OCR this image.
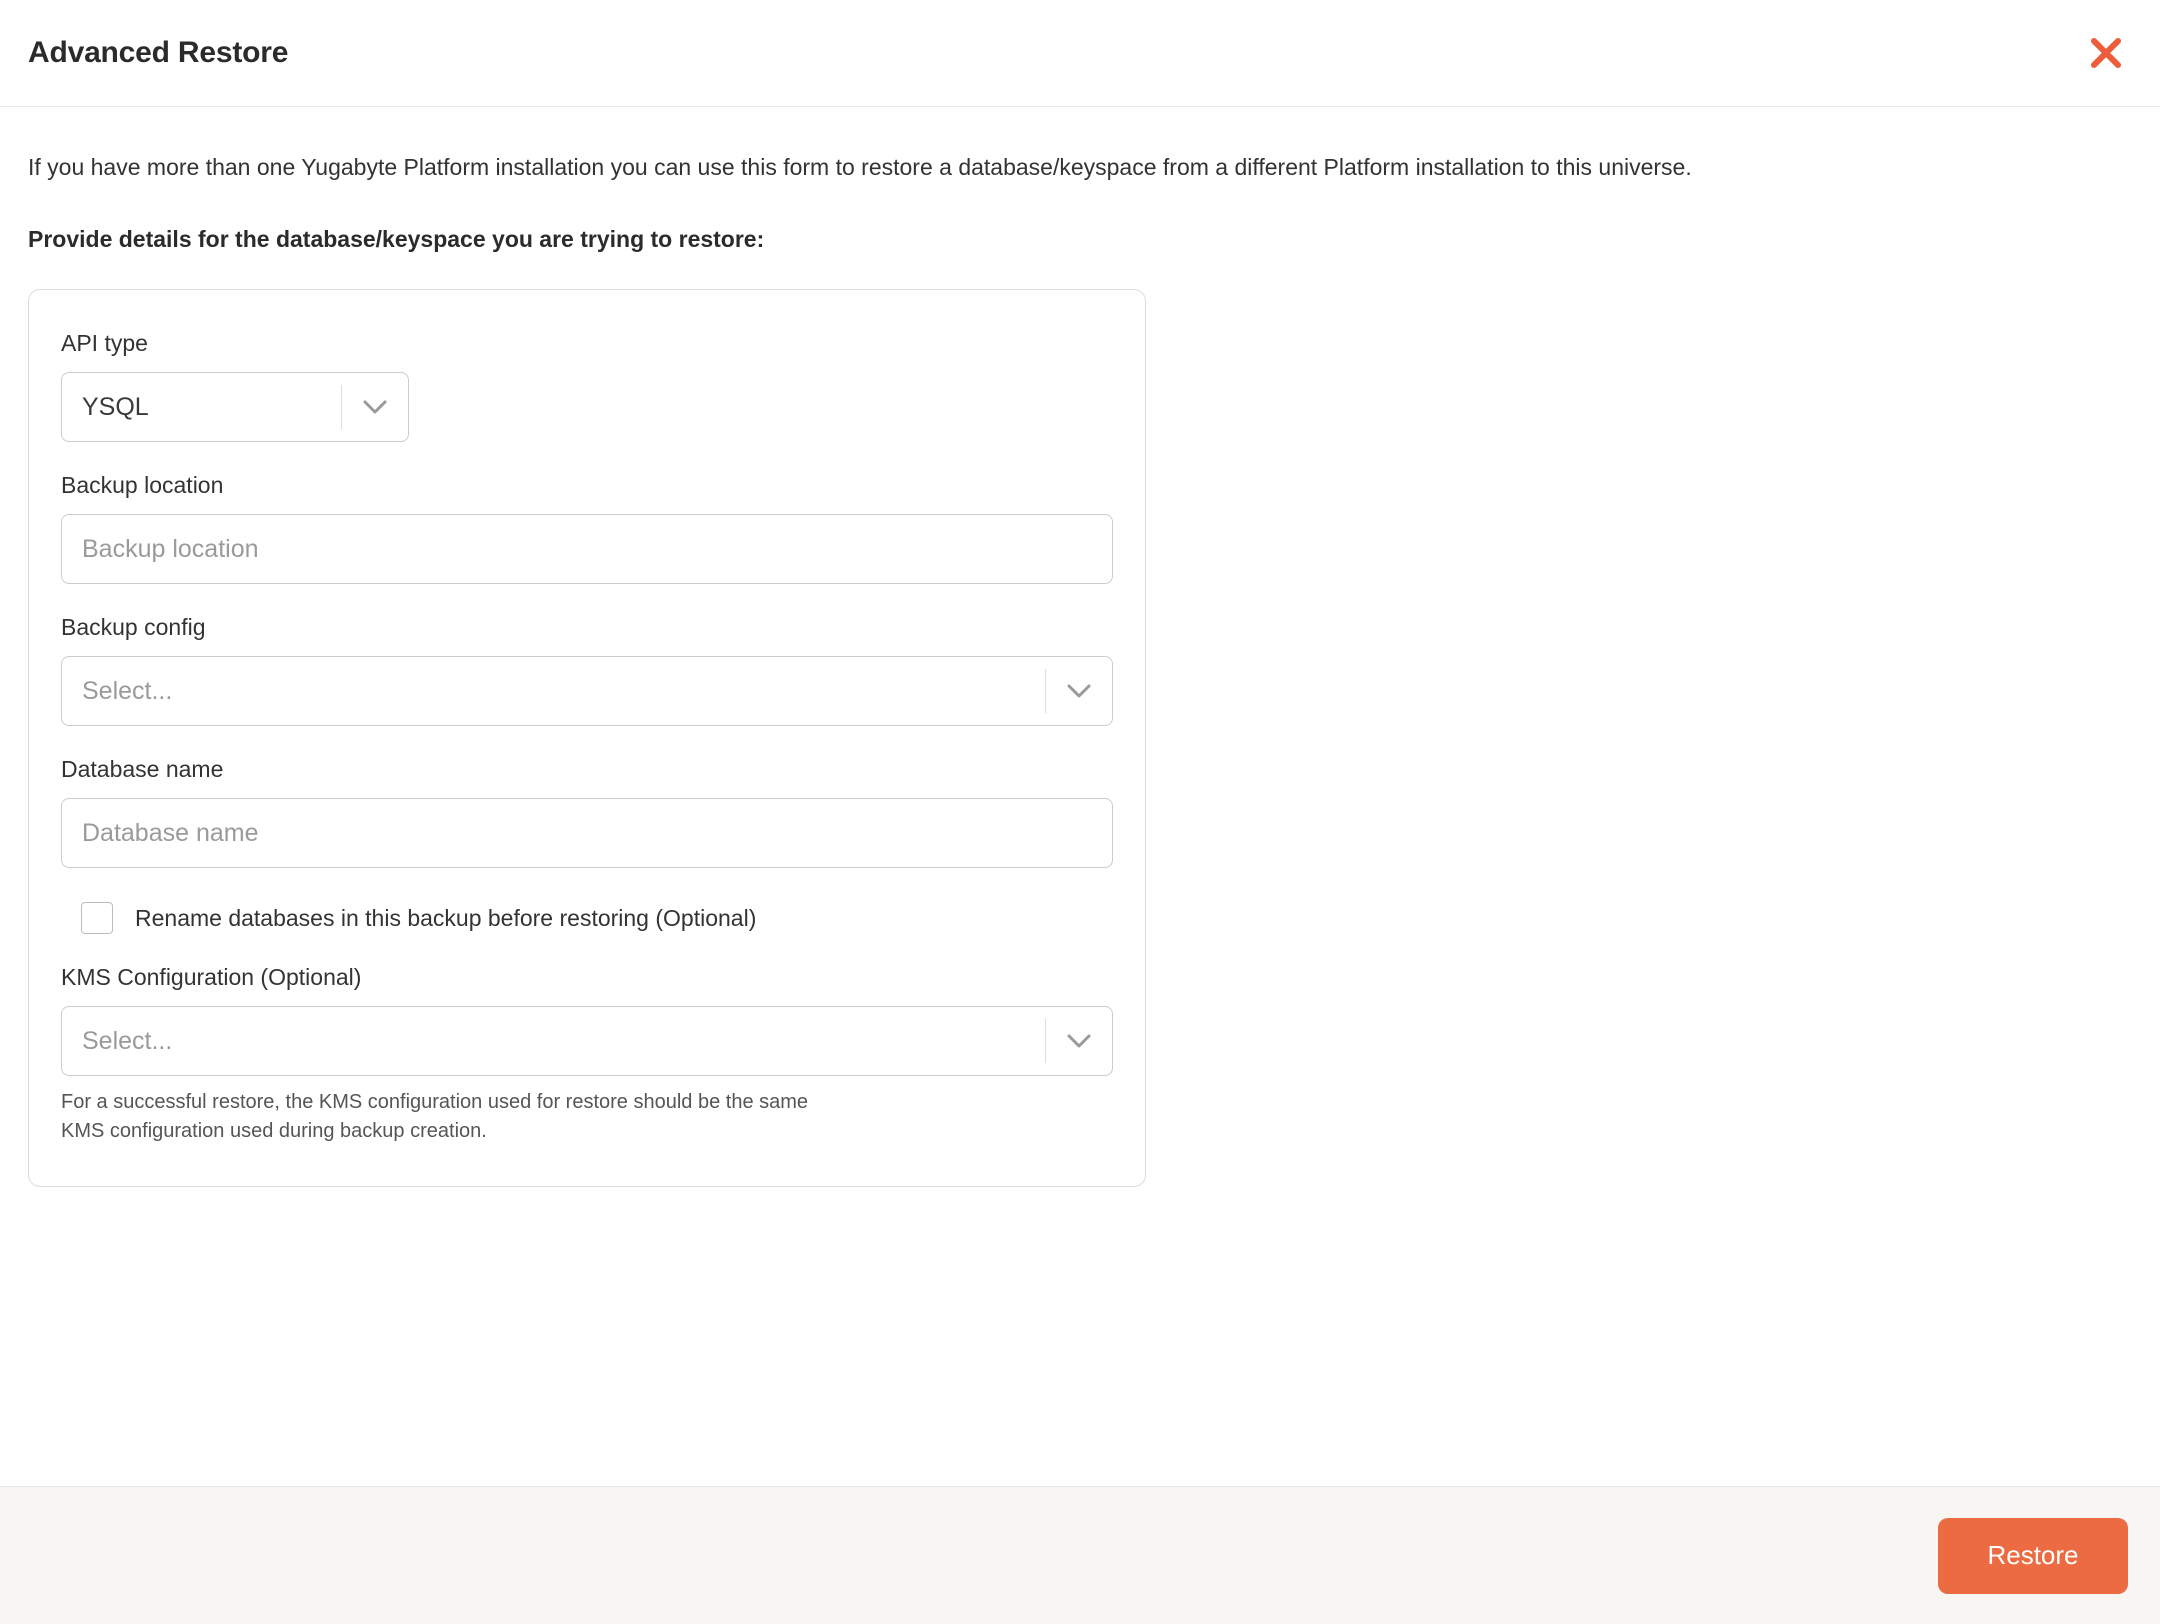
Advanced Restore

If you have more than one Yugabyte Platform installation you can use this form to restore a database/keyspace from a different Platform installation to this universe.

Provide details for the database/keyspace you are trying to restore:
API type
YSQL
Backup location
Backup location
Backup config
Select...
Database name
Database name
Rename databases in this backup before restoring (Optional)
KMS Configuration (Optional)
Select...
For a successful restore, the KMS configuration used for restore should be the same
KMS configuration used during backup creation.
Restore
